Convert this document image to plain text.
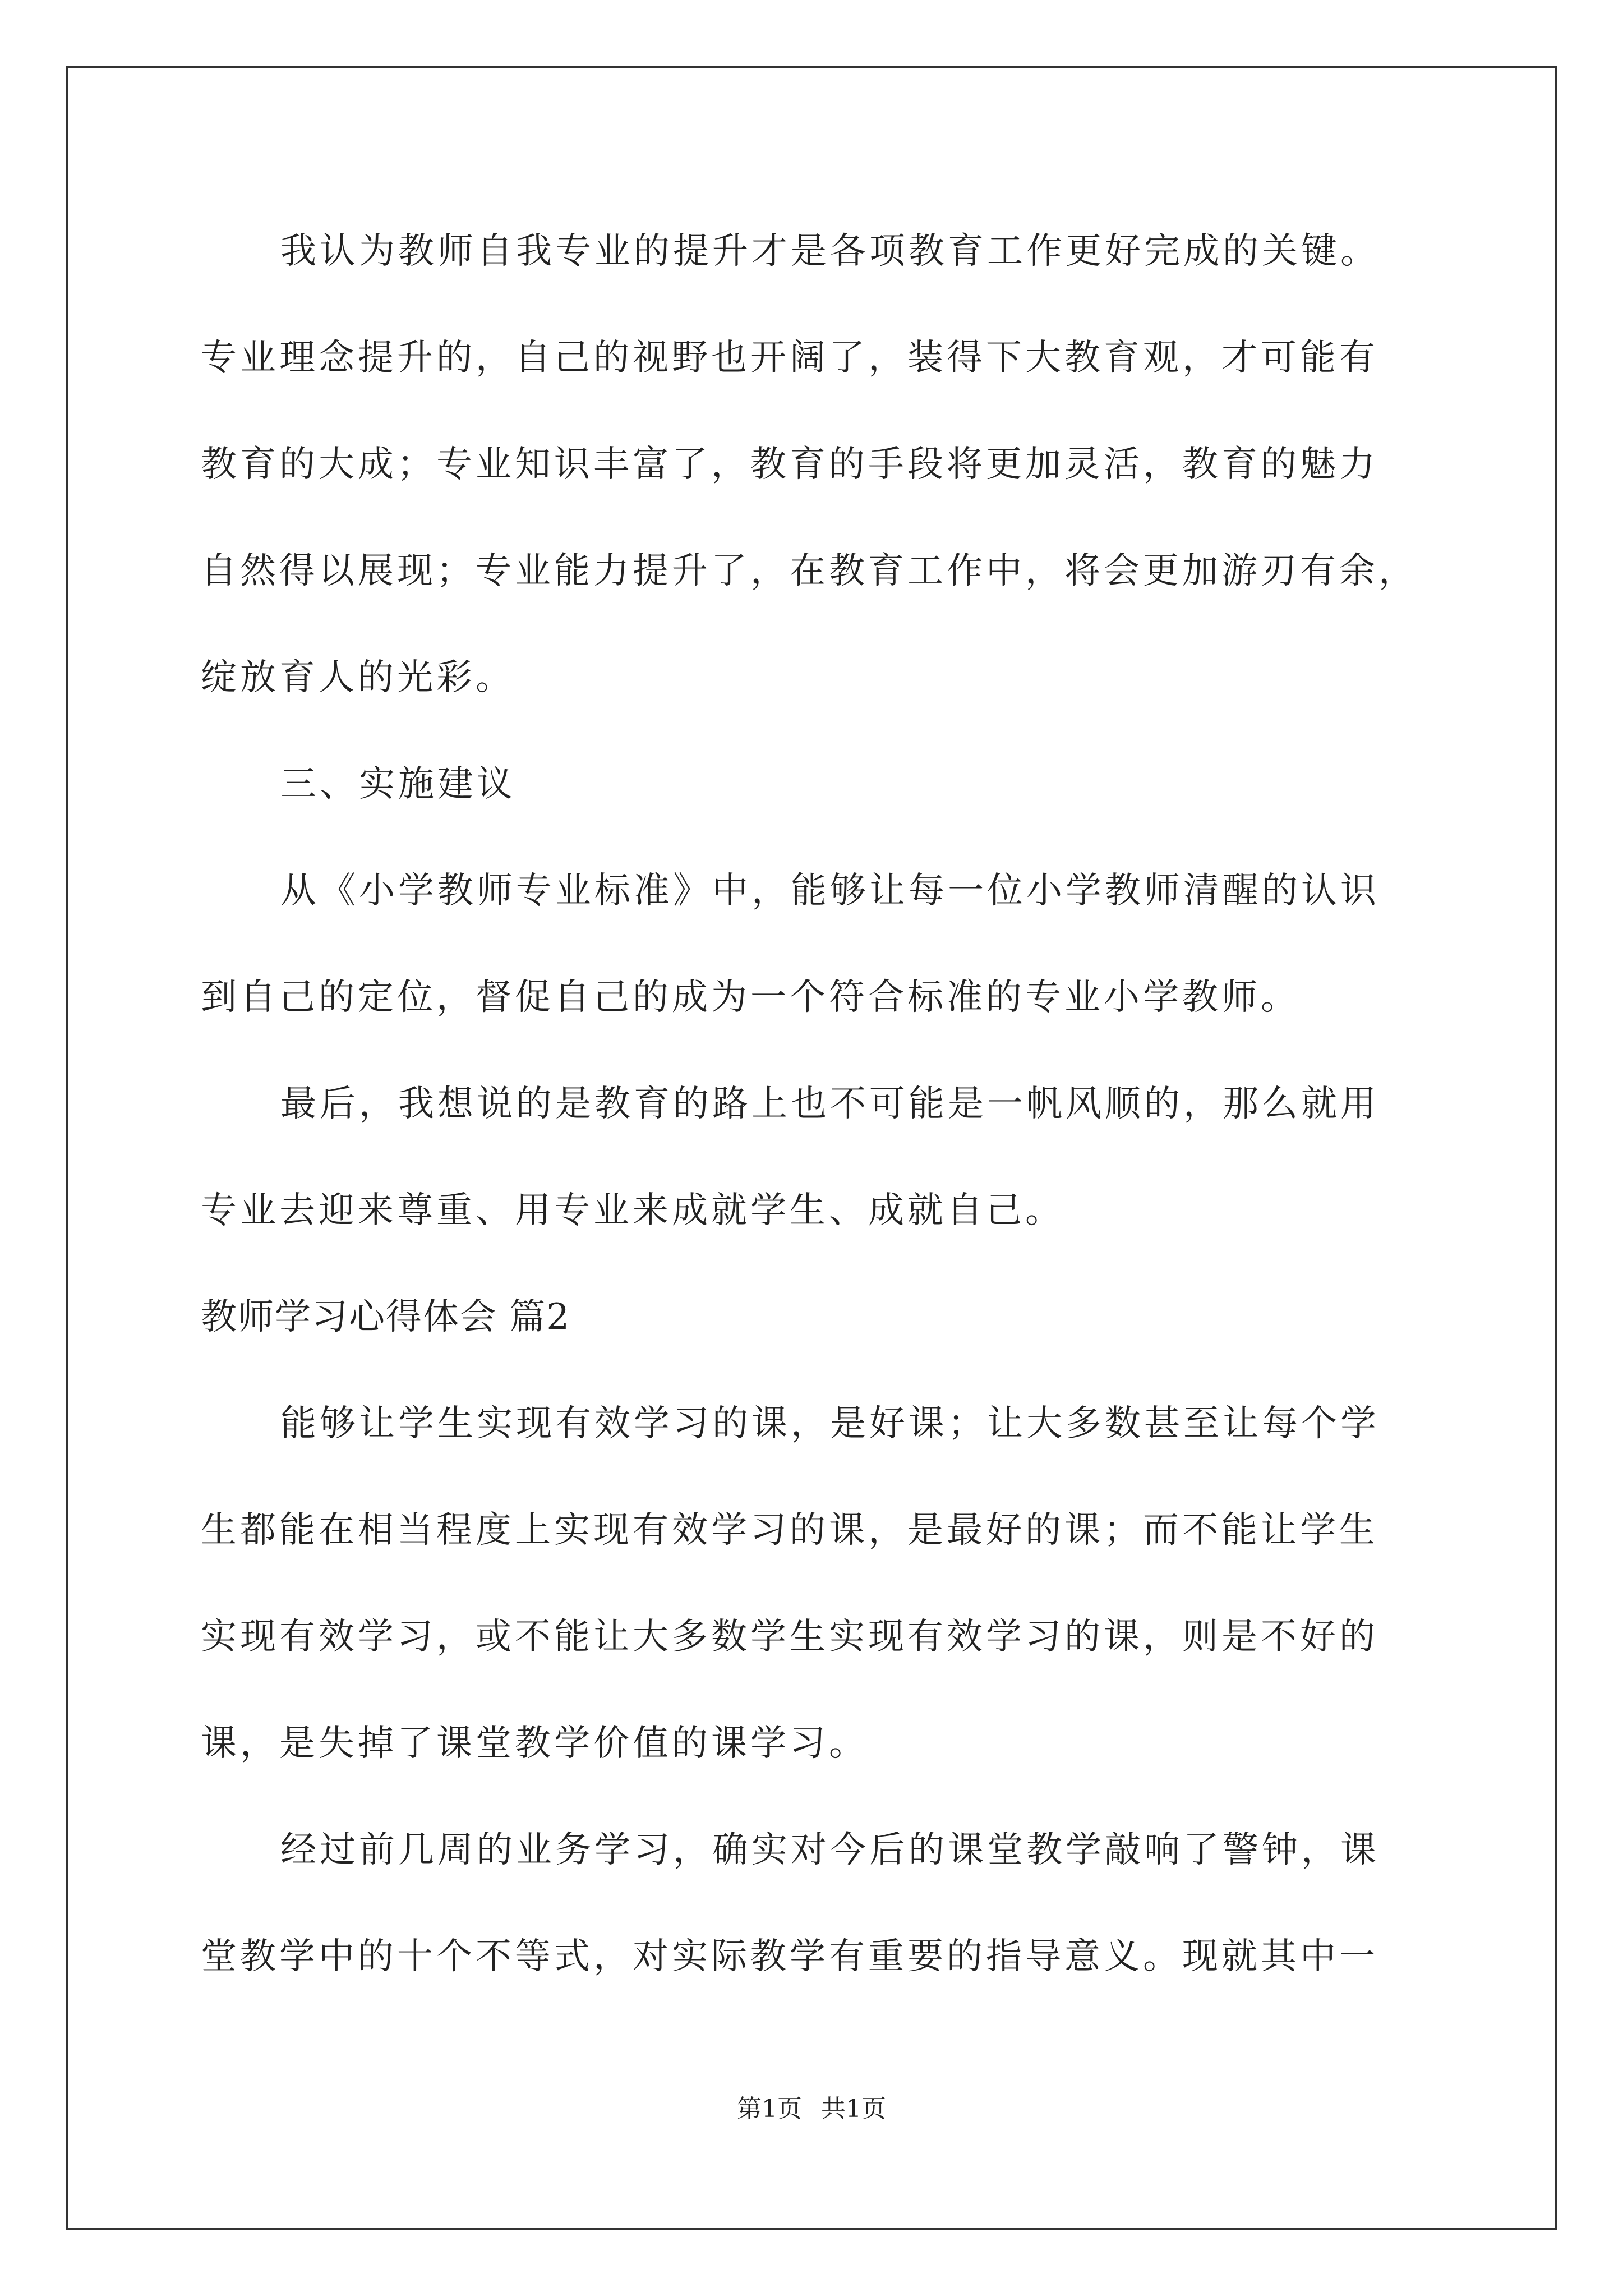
我认为教师自我专业的提升才是各项教育工作更好完成的关键。
专业理念提升的，自己的视野也开阔了，装得下大教育观，才可能有
教育的大成；专业知识丰富了，教育的手段将更加灵活，教育的魅力
自然得以展现；专业能力提升了，在教育工作中，将会更加游刃有余，
绽放育人的光彩。
三、实施建议
从《小学教师专业标准》中，能够让每一位小学教师清醒的认识
到自己的定位，督促自己的成为一个符合标准的专业小学教师。
最后，我想说的是教育的路上也不可能是一帆风顺的，那么就用
专业去迎来尊重、用专业来成就学生、成就自己。
教师学习心得体会 篇2
能够让学生实现有效学习的课，是好课；让大多数甚至让每个学
生都能在相当程度上实现有效学习的课，是最好的课；而不能让学生
实现有效学习，或不能让大多数学生实现有效学习的课，则是不好的
课，是失掉了课堂教学价值的课学习。
经过前几周的业务学习，确实对今后的课堂教学敲响了警钟，课
堂教学中的十个不等式，对实际教学有重要的指导意义。现就其中一
第1页 共1页
